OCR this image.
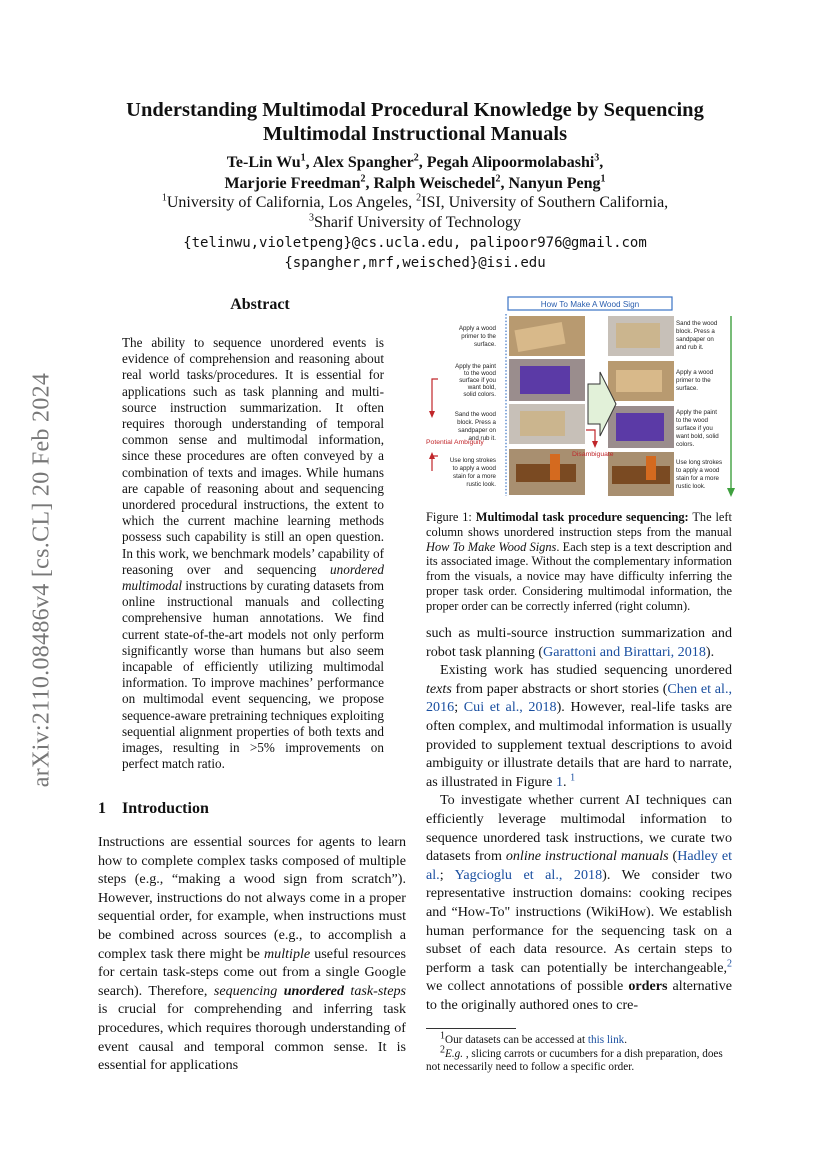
arXiv:2110.08486v4 [cs.CL] 20 Feb 2024
Understanding Multimodal Procedural Knowledge by Sequencing Multimodal Instructional Manuals
Te-Lin Wu$^1$, Alex Spangher$^2$, Pegah Alipoormolabashi$^3$,
Marjorie Freedman$^2$, Ralph Weischedel$^2$, Nanyun Peng$^1$
$^1$University of California, Los Angeles, $^2$ISI, University of Southern California,
$^3$Sharif University of Technology
{telinwu,violetpeng}@cs.ucla.edu, palipoor976@gmail.com
{spangher,mrf,weisched}@isi.edu
Abstract
The ability to sequence unordered events is evidence of comprehension and reasoning about real world tasks/procedures. It is essential for applications such as task planning and multi-source instruction summarization. It often requires thorough understanding of temporal common sense and multimodal information, since these procedures are often conveyed by a combination of texts and images. While humans are capable of reasoning about and sequencing unordered procedural instructions, the extent to which the current machine learning methods possess such capability is still an open question. In this work, we benchmark models’ capability of reasoning over and sequencing unordered multimodal instructions by curating datasets from online instructional manuals and collecting comprehensive human annotations. We find current state-of-the-art models not only perform significantly worse than humans but also seem incapable of efficiently utilizing multimodal information. To improve machines’ performance on multimodal event sequencing, we propose sequence-aware pretraining techniques exploiting sequential alignment properties of both texts and images, resulting in >5% improvements on perfect match ratio.
1 Introduction
Instructions are essential sources for agents to learn how to complete complex tasks composed of multiple steps (e.g., “making a wood sign from scratch”). However, instructions do not always come in a proper sequential order, for example, when instructions must be combined across sources (e.g., to accomplish a complex task there might be multiple useful resources for certain task-steps come out from a single Google search). Therefore, sequencing unordered task-steps is crucial for comprehending and inferring task procedures, which requires thorough understanding of event causal and temporal common sense. It is essential for applications
How To Make A Wood Sign
Potential Ambiguity
Disambiguate
Apply a wood
primer to the
surface.
Apply the paint
to the wood
surface if you
want bold,
solid colors.
Sand the wood
block. Press a
sandpaper on
and rub it.
Use long strokes
to apply a wood
stain for a more
rustic look.
Sand the wood
block. Press a
sandpaper on
and rub it.
Apply a wood
primer to the
surface.
Apply the paint
to the wood
surface if you
want bold, solid
colors.
Use long strokes
to apply a wood
stain for a more
rustic look.
Figure 1: Multimodal task procedure sequencing: The left column shows unordered instruction steps from the manual How To Make Wood Signs. Each step is a text description and its associated image. Without the complementary information from the visuals, a novice may have difficulty inferring the proper task order. Considering multimodal information, the proper order can be correctly inferred (right column).

such as multi-source instruction summarization and robot task planning (Garattoni and Birattari, 2018).

Existing work has studied sequencing unordered texts from paper abstracts or short stories (Chen et al., 2016; Cui et al., 2018). However, real-life tasks are often complex, and multimodal information is usually provided to supplement textual descriptions to avoid ambiguity or illustrate details that are hard to narrate, as illustrated in Figure 1. $^1$

To investigate whether current AI techniques can efficiently leverage multimodal information to sequence unordered task instructions, we curate two datasets from online instructional manuals (Hadley et al.; Yagcioglu et al., 2018). We consider two representative instruction domains: cooking recipes and “How-To" instructions (WikiHow). We establish human performance for the sequencing task on a subset of each data resource. As certain steps to perform a task can potentially be interchangeable,$^2$ we collect annotations of possible orders alternative to the originally authored ones to cre-

$^1$Our datasets can be accessed at this link.
$^2$E.g. , slicing carrots or cucumbers for a dish preparation, does not necessarily need to follow a specific order.
